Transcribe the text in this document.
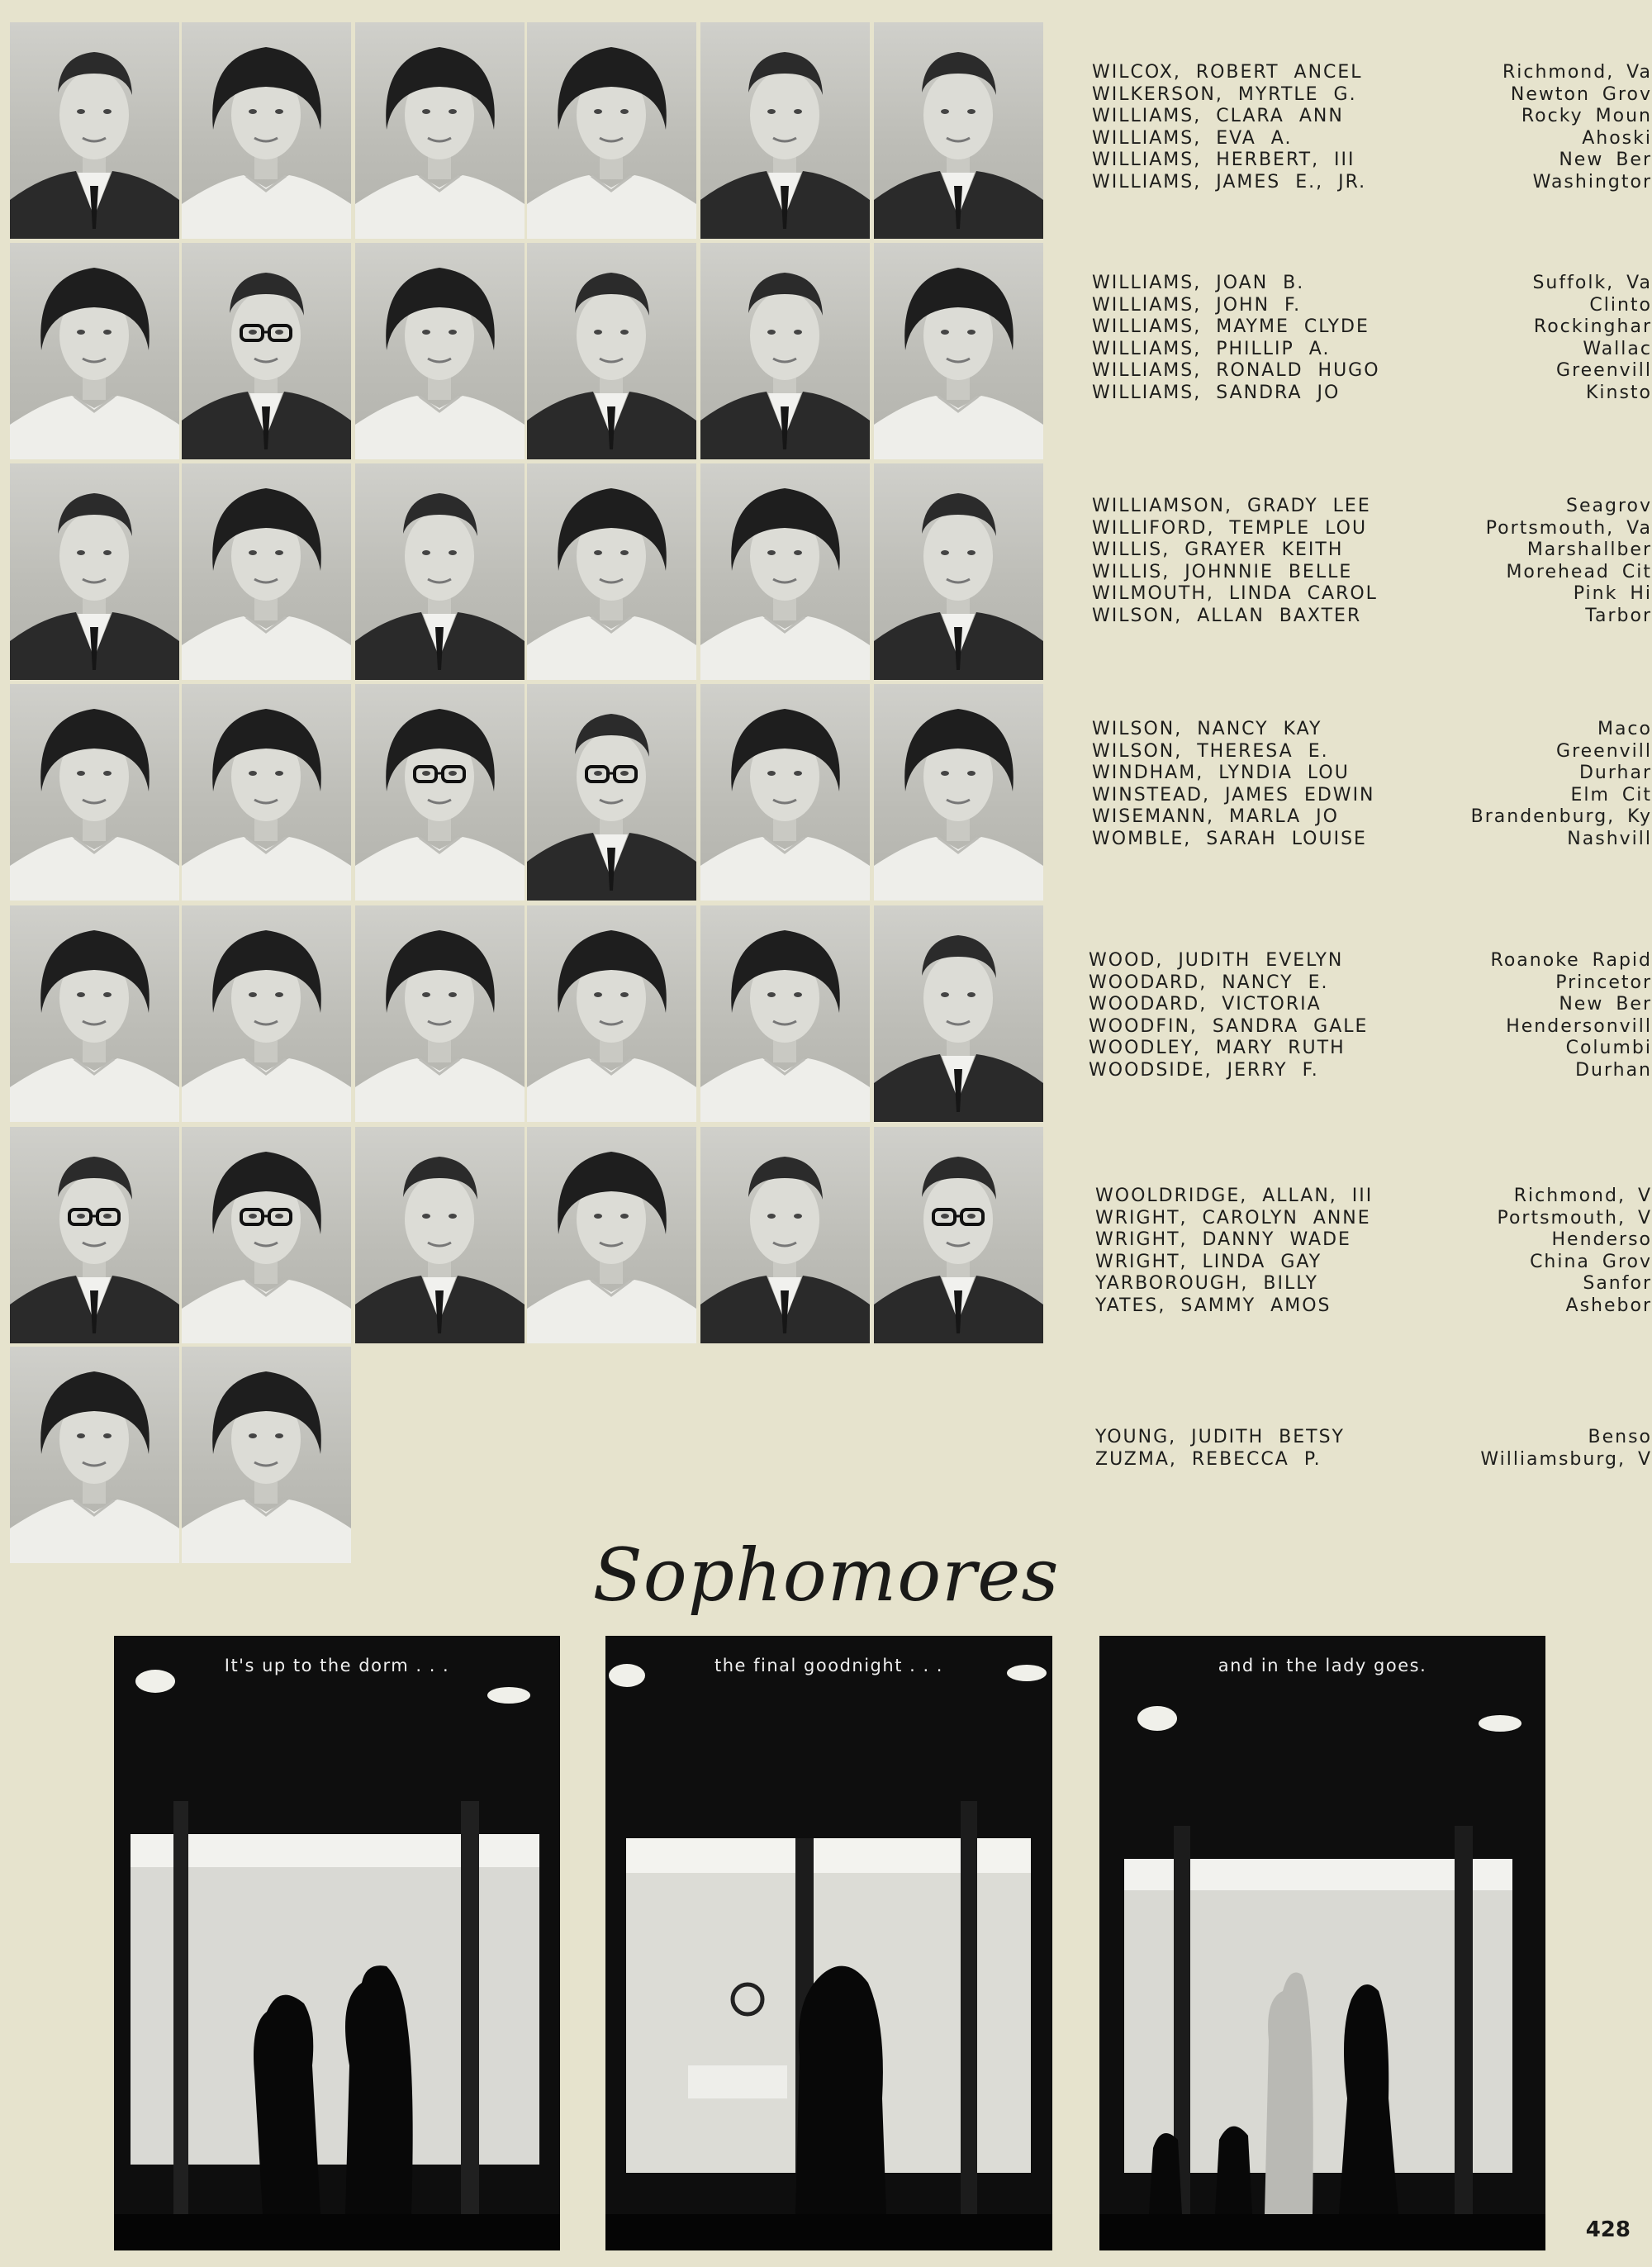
WILCOX, ROBERT ANCEL
WILKERSON, MYRTLE G.
WILLIAMS, CLARA ANN
WILLIAMS, EVA A.
WILLIAMS, HERBERT, III
WILLIAMS, JAMES E., JR.
Richmond, Va
Newton Grov
Rocky Moun
Ahoski
New Ber
Washingtor
WILLIAMS, JOAN B.
WILLIAMS, JOHN F.
WILLIAMS, MAYME CLYDE
WILLIAMS, PHILLIP A.
WILLIAMS, RONALD HUGO
WILLIAMS, SANDRA JO
Suffolk, Va
Clinto
Rockinghar
Wallac
Greenvill
Kinsto
WILLIAMSON, GRADY LEE
WILLIFORD, TEMPLE LOU
WILLIS, GRAYER KEITH
WILLIS, JOHNNIE BELLE
WILMOUTH, LINDA CAROL
WILSON, ALLAN BAXTER
Seagrov
Portsmouth, Va
Marshallber
Morehead Cit
Pink Hi
Tarbor
WILSON, NANCY KAY
WILSON, THERESA E.
WINDHAM, LYNDIA LOU
WINSTEAD, JAMES EDWIN
WISEMANN, MARLA JO
WOMBLE, SARAH LOUISE
Maco
Greenvill
Durhar
Elm Cit
Brandenburg, Ky
Nashvill
WOOD, JUDITH EVELYN
WOODARD, NANCY E.
WOODARD, VICTORIA
WOODFIN, SANDRA GALE
WOODLEY, MARY RUTH
WOODSIDE, JERRY F.
Roanoke Rapid
Princetor
New Ber
Hendersonvill
Columbi
Durhan
WOOLDRIDGE, ALLAN, III
WRIGHT, CAROLYN ANNE
WRIGHT, DANNY WADE
WRIGHT, LINDA GAY
YARBOROUGH, BILLY
YATES, SAMMY AMOS
Richmond, V
Portsmouth, V
Henderso
China Grov
Sanfor
Ashebor
YOUNG, JUDITH BETSY
ZUZMA, REBECCA P.
Benso
Williamsburg, V
Sophomores
It's up to the dorm . . .	the final goodnight . . .	and in the lady goes.

428
